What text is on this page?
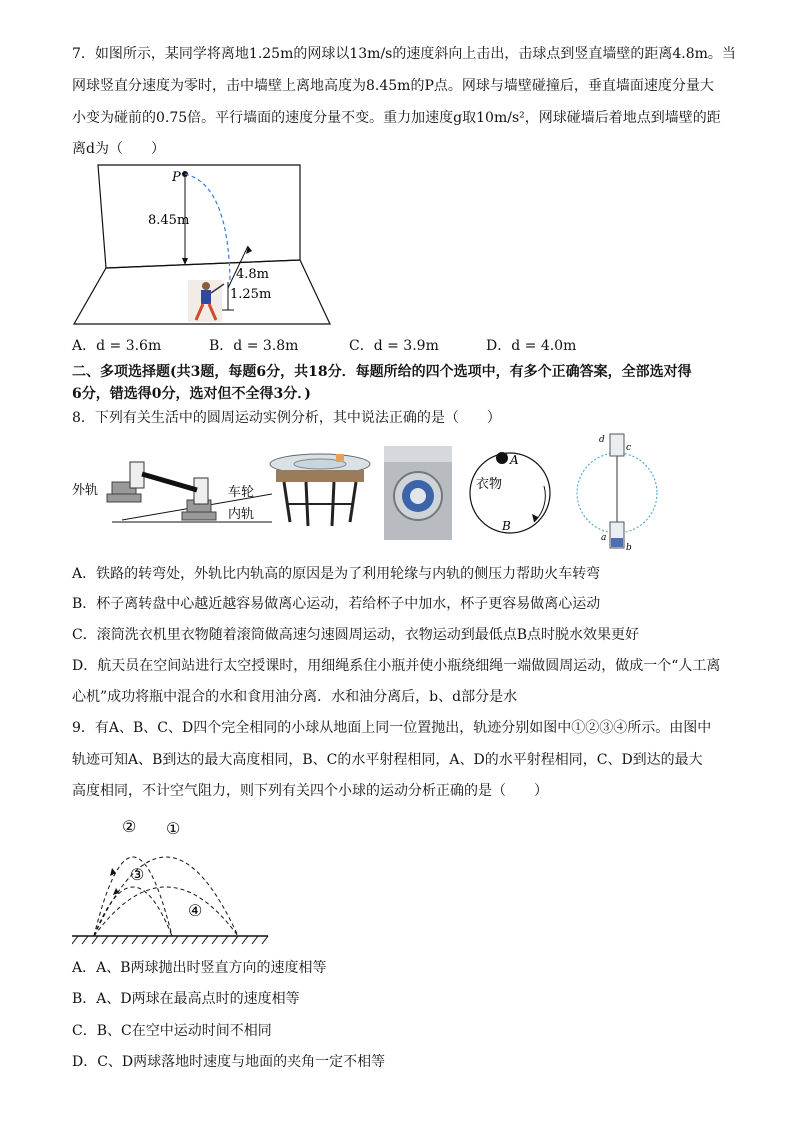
7．如图所示，某同学将离地1.25m的网球以13m/s的速度斜向上击出，击球点到竖直墙壁的距离4.8m。当
网球竖直分速度为零时，击中墙壁上离地高度为8.45m的P点。网球与墙壁碰撞后，垂直墙面速度分量大
小变为碰前的0.75倍。平行墙面的速度分量不变。重力加速度g取10m/s²，网球碰墙后着地点到墙壁的距
离d为（　　）
P
8.45m
4.8m
1.25m
A．d = 3.6m	B．d = 3.8m	C．d = 3.9m	D．d = 4.0m
二、多项选择题(共3题，每题6分，共18分．每题所给的四个选项中，有多个正确答案，全部选对得
6分，错选得0分，选对但不全得3分．)
8．下列有关生活中的圆周运动实例分析，其中说法正确的是（　　）
外轨	车轮
内轨
A
衣物
B
d
c
a
b
A．铁路的转弯处，外轨比内轨高的原因是为了利用轮缘与内轨的侧压力帮助火车转弯
B．杯子离转盘中心越近越容易做离心运动，若给杯子中加水，杯子更容易做离心运动
C．滚筒洗衣机里衣物随着滚筒做高速匀速圆周运动，衣物运动到最低点B点时脱水效果更好
D．航天员在空间站进行太空授课时，用细绳系住小瓶并使小瓶绕细绳一端做圆周运动，做成一个“人工离
心机”成功将瓶中混合的水和食用油分离．水和油分离后，b、d部分是水
9．有A、B、C、D四个完全相同的小球从地面上同一位置抛出，轨迹分别如图中①②③④所示。由图中
轨迹可知A、B到达的最大高度相同，B、C的水平射程相同，A、D的水平射程相同，C、D到达的最大
高度相同，不计空气阻力，则下列有关四个小球的运动分析正确的是（　　）
② ①
③
④
A．A、B两球抛出时竖直方向的速度相等
B．A、D两球在最高点时的速度相等
C．B、C在空中运动时间不相同
D．C、D两球落地时速度与地面的夹角一定不相等
